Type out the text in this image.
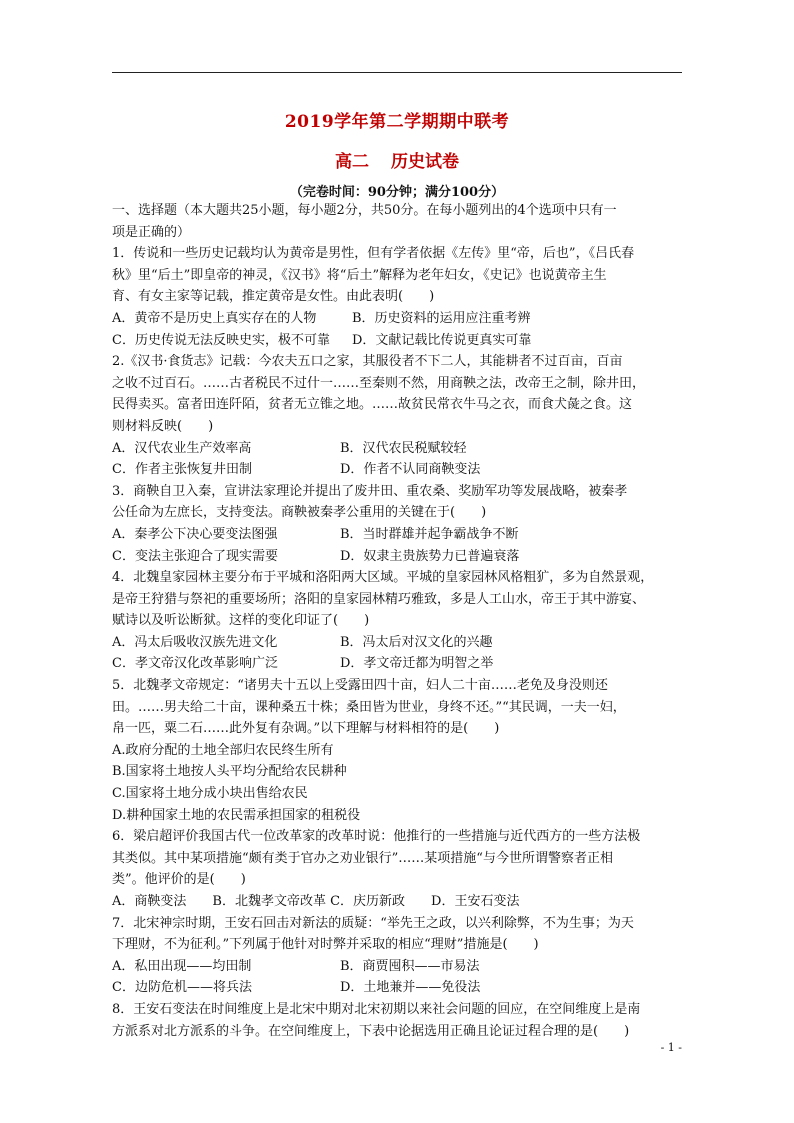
2019学年第二学期期中联考
高二 历史试卷
（完卷时间：90分钟；满分100分）
一、选择题（本大题共25小题，每小题2分，共50分。在每小题列出的4个选项中只有一
项是正确的）
1．传说和一些历史记载均认为黄帝是男性，但有学者依据《左传》里“帝，后也”，《吕氏春
秋》里“后土”即皇帝的神灵，《汉书》将“后土”解释为老年妇女，《史记》也说黄帝主生
育、有女主家等记载，推定黄帝是女性。由此表明(　　)
A．黄帝不是历史上真实存在的人物	B．历史资料的运用应注重考辨
C．历史传说无法反映史实，极不可靠	D．文献记载比传说更真实可靠
2.《汉书·食货志》记载：今农夫五口之家，其服役者不下二人，其能耕者不过百亩，百亩
之收不过百石。……古者税民不过什一……至秦则不然，用商鞅之法，改帝王之制，除井田，
民得卖买。富者田连阡陌，贫者无立锥之地。……故贫民常衣牛马之衣，而食犬彘之食。这
则材料反映(　　)
A．汉代农业生产效率高	B．汉代农民税赋较轻
C．作者主张恢复井田制	D．作者不认同商鞅变法
3．商鞅自卫入秦，宣讲法家理论并提出了废井田、重农桑、奖励军功等发展战略，被秦孝
公任命为左庶长，支持变法。商鞅被秦孝公重用的关键在于(　　)
A．秦孝公下决心要变法图强	B．当时群雄并起争霸战争不断
C．变法主张迎合了现实需要	D．奴隶主贵族势力已普遍衰落
4．北魏皇家园林主要分布于平城和洛阳两大区域。平城的皇家园林风格粗犷，多为自然景观，
是帝王狩猎与祭祀的重要场所；洛阳的皇家园林精巧雅致，多是人工山水，帝王于其中游宴、
赋诗以及听讼断狱。这样的变化印证了(　　)
A．冯太后吸收汉族先进文化	B．冯太后对汉文化的兴趣
C．孝文帝汉化改革影响广泛	D．孝文帝迁都为明智之举
5．北魏孝文帝规定：“诸男夫十五以上受露田四十亩，妇人二十亩……老免及身没则还
田。……男夫给二十亩，课种桑五十株；桑田皆为世业，身终不还。”“其民调，一夫一妇，
帛一匹，粟二石……此外复有杂调。”以下理解与材料相符的是(　　)
A.政府分配的土地全部归农民终生所有
B.国家将土地按人头平均分配给农民耕种
C.国家将土地分成小块出售给农民
D.耕种国家土地的农民需承担国家的租税役
6．梁启超评价我国古代一位改革家的改革时说：他推行的一些措施与近代西方的一些方法极
其类似。其中某项措施“颇有类于官办之劝业银行”……某项措施“与今世所谓警察者正相
类”。他评价的是(　　)
A．商鞅变法　　B．北魏孝文帝改革 C．庆历新政　　D．王安石变法
7．北宋神宗时期，王安石回击对新法的质疑：“举先王之政，以兴利除弊，不为生事；为天
下理财，不为征利。”下列属于他针对时弊并采取的相应“理财”措施是(　　)
A．私田出现——均田制	B．商贾囤积——市易法
C．边防危机——将兵法	D．土地兼并——免役法
8．王安石变法在时间维度上是北宋中期对北宋初期以来社会问题的回应，在空间维度上是南
方派系对北方派系的斗争。在空间维度上，下表中论据选用正确且论证过程合理的是(　　)
- 1 -
